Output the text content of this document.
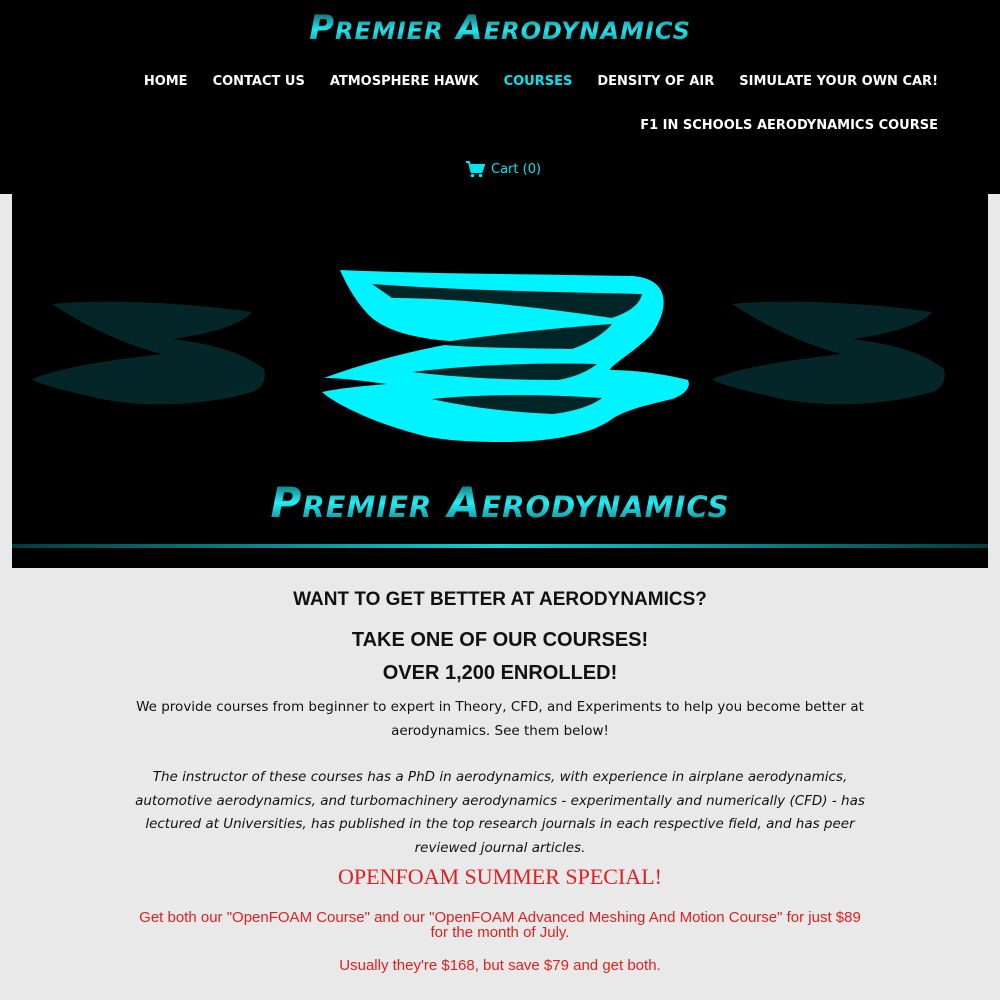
Premier Aerodynamics
HOME CONTACT US ATMOSPHERE HAWK COURSES DENSITY OF AIR SIMULATE YOUR OWN CAR!
F1 IN SCHOOLS AERODYNAMICS COURSE
Cart (0)
Premier Aerodynamics
WANT TO GET BETTER AT AERODYNAMICS?
TAKE ONE OF OUR COURSES!
OVER 1,200 ENROLLED!
We provide courses from beginner to expert in Theory, CFD, and Experiments to help you become better at aerodynamics. See them below!
The instructor of these courses has a PhD in aerodynamics, with experience in airplane aerodynamics, automotive aerodynamics, and turbomachinery aerodynamics - experimentally and numerically (CFD) - has lectured at Universities, has published in the top research journals in each respective field, and has peer reviewed journal articles.
OPENFOAM SUMMER SPECIAL!
Get both our "OpenFOAM Course" and our "OpenFOAM Advanced Meshing And Motion Course" for just $89 for the month of July.
Usually they're $168, but save $79 and get both.
